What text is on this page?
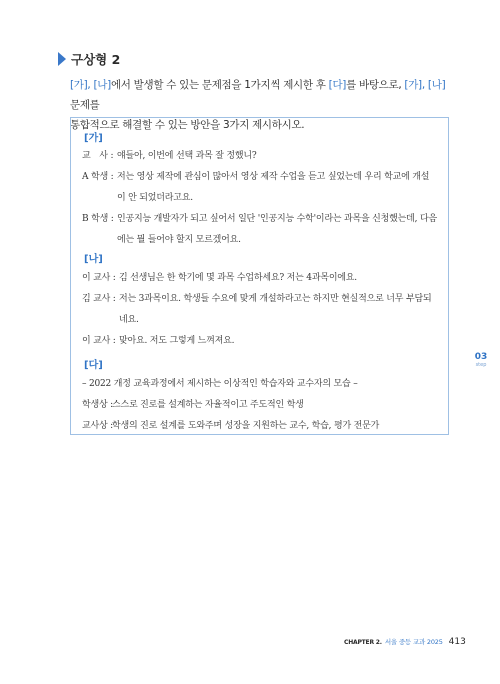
구상형 2
[가], [나]에서 발생할 수 있는 문제점을 1가지씩 제시한 후 [다]를 바탕으로, [가], [나] 문제를
통합적으로 해결할 수 있는 방안을 3가지 제시하시오.
[가]
[나]
[다]
교　사 : 얘들아, 이번에 선택 과목 잘 정했니?
A 학생 : 저는 영상 제작에 관심이 많아서 영상 제작 수업을 듣고 싶었는데 우리 학교에 개설
이 안 되었더라고요.
B 학생 : 인공지능 개발자가 되고 싶어서 일단 '인공지능 수학'이라는 과목을 신청했는데, 다음
에는 뭘 들어야 할지 모르겠어요.
이 교사 : 김 선생님은 한 학기에 몇 과목 수업하세요? 저는 4과목이에요.
김 교사 : 저는 3과목이요. 학생들 수요에 맞게 개설하라고는 하지만 현실적으로 너무 부담되
네요.
이 교사 : 맞아요. 저도 그렇게 느껴져요.
– 2022 개정 교육과정에서 제시하는 이상적인 학습자와 교수자의 모습 –
학생상 :스스로 진로를 설계하는 자율적이고 주도적인 학생
교사상 :학생의 진로 설계를 도와주며 성장을 지원하는 교수, 학습, 평가 전문가
03
step
CHAPTER 2. 서울 중등 교과 2025 413
